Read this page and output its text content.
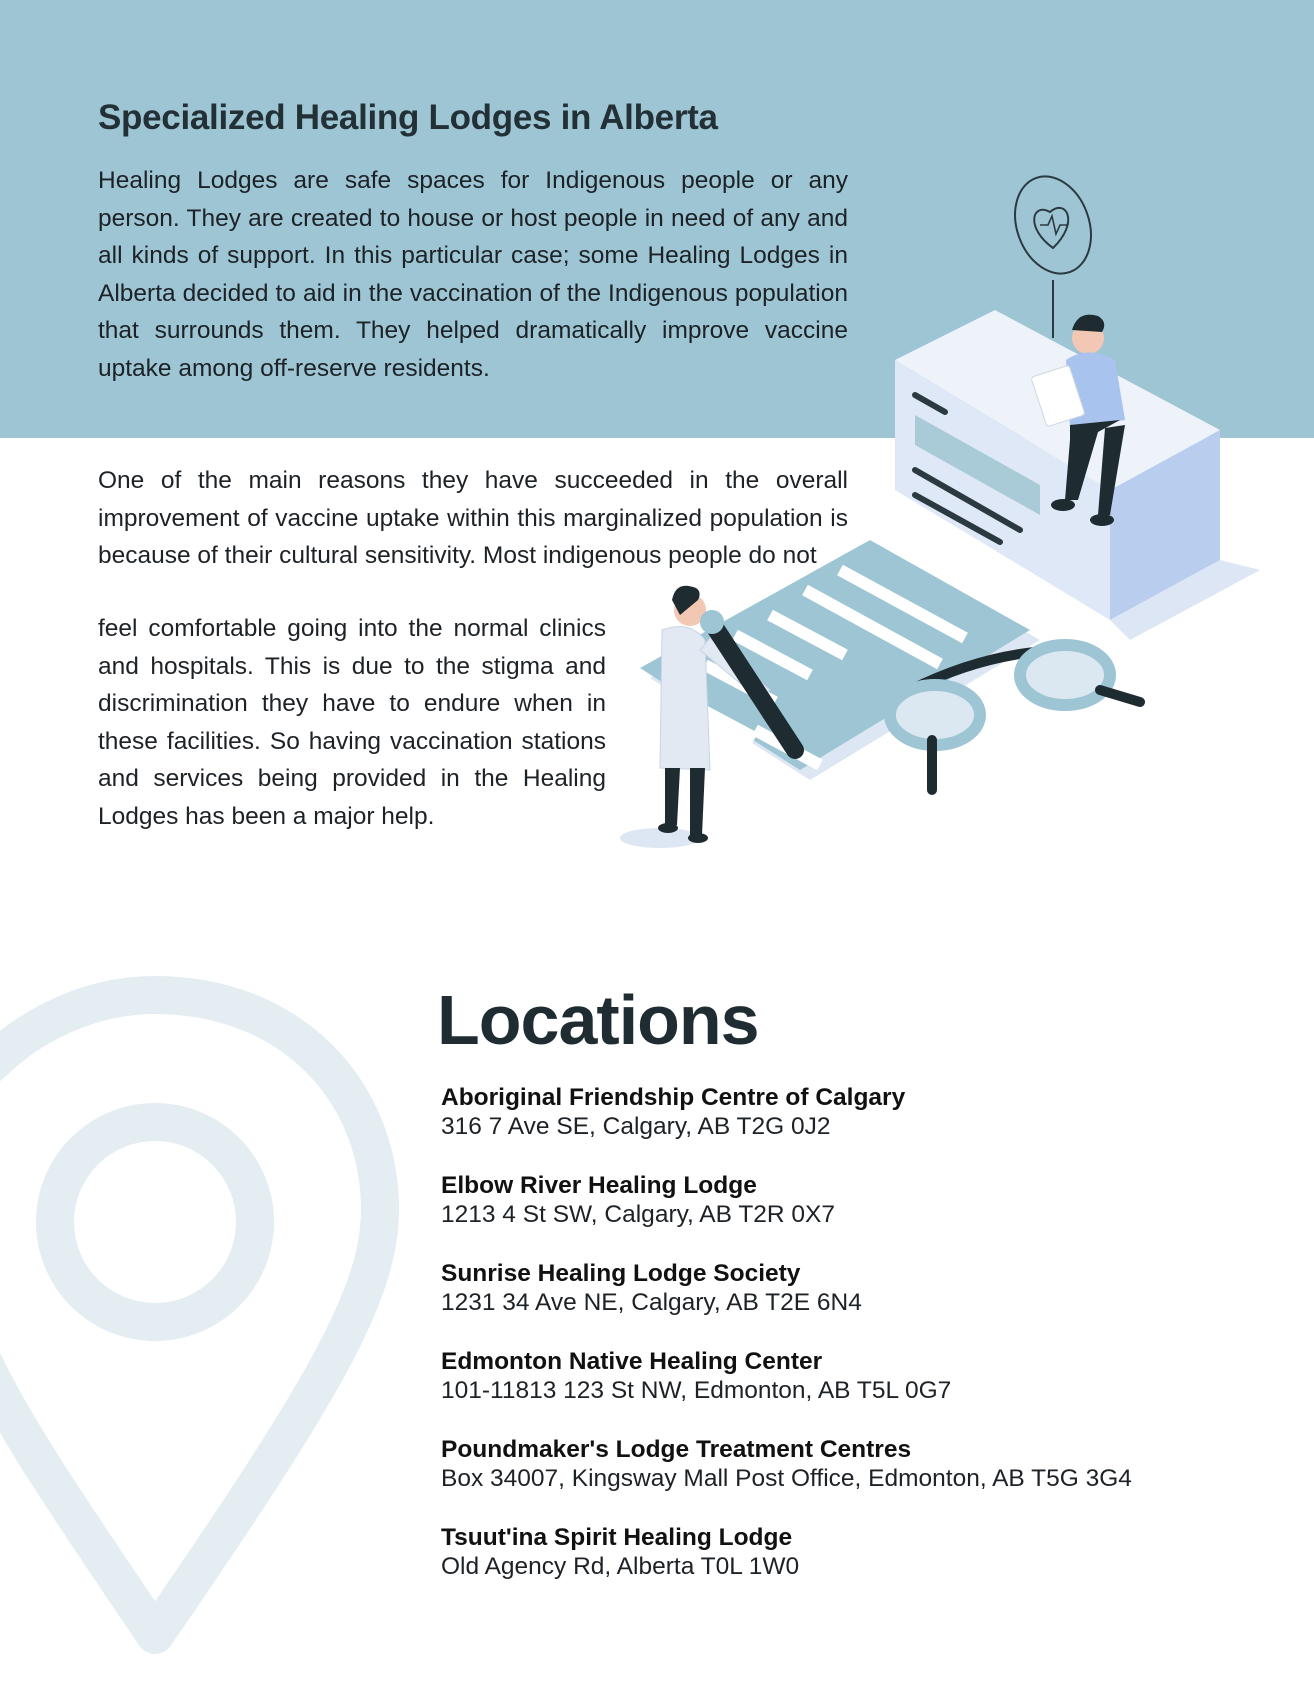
Specialized Healing Lodges in Alberta

Healing Lodges are safe spaces for Indigenous people or any person. They are created to house or host people in need of any and all kinds of support. In this particular case; some Healing Lodges in Alberta decided to aid in the vaccination of the Indigenous population that surrounds them. They helped dramatically improve vaccine uptake among off-reserve residents.

One of the main reasons they have succeeded in the overall improvement of vaccine uptake within this marginalized population is because of their cultural sensitivity. Most indigenous people do not

feel comfortable going into the normal clinics and hospitals. This is due to the stigma and discrimination they have to endure when in these facilities. So having vaccination stations and services being provided in the Healing Lodges has been a major help.

Locations
Aboriginal Friendship Centre of Calgary
316 7 Ave SE, Calgary, AB T2G 0J2
Elbow River Healing Lodge
1213 4 St SW, Calgary, AB T2R 0X7
Sunrise Healing Lodge Society
1231 34 Ave NE, Calgary, AB T2E 6N4
Edmonton Native Healing Center
101-11813 123 St NW, Edmonton, AB T5L 0G7
Poundmaker's Lodge Treatment Centres
Box 34007, Kingsway Mall Post Office, Edmonton, AB T5G 3G4
Tsuut'ina Spirit Healing Lodge
Old Agency Rd, Alberta T0L 1W0
